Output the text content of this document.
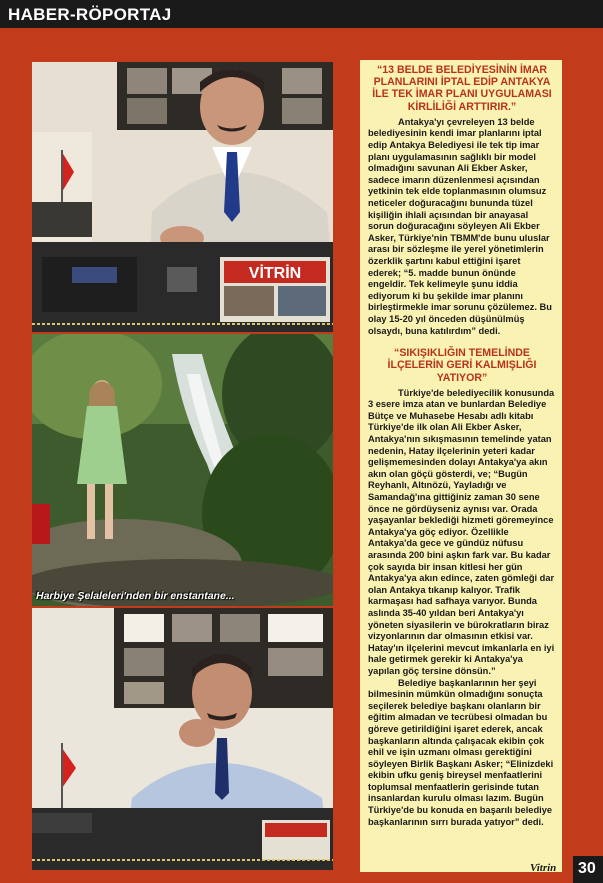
HABER-RÖPORTAJ
VİTRİN
Harbiye Şelaleleri'nden bir enstantane...

“13 BELDE BELEDİYESİNİN İMAR PLANLARINI İPTAL EDİP ANTAKYA İLE TEK İMAR PLANI UYGULAMASI KİRLİLİĞİ ARTTIRIR.”

Antakya'yı çevreleyen 13 belde belediyesinin kendi imar planlarını iptal edip Antakya Belediyesi ile tek tip imar planı uygulamasının sağlıklı bir model olmadığını savunan Ali Ekber Asker, sadece imarın düzenlenmesi açısından yetkinin tek elde toplanmasının olumsuz neticeler doğuracağını bununda tüzel kişiliğin ihlali açısından bir anayasal sorun doğuracağını söyleyen Ali Ekber Asker, Türkiye'nin TBMM'de bunu uluslar arası bir sözleşme ile yerel yönetimlerin özerklik şartını kabul ettiğini işaret ederek; “5. madde bunun önünde engeldir. Tek kelimeyle şunu iddia ediyorum ki bu şekilde imar planını birleştirmekle imar sorunu çözülemez. Bu olay 15-20 yıl önceden düşünülmüş olsaydı, buna katılırdım” dedi.

“SIKIŞIKLIĞIN TEMELİNDE İLÇELERİN GERİ KALMIŞLIĞI YATIYOR”

Türkiye'de belediyecilik konusunda 3 esere imza atan ve bunlardan Belediye Bütçe ve Muhasebe Hesabı adlı kitabı Türkiye'de ilk olan Ali Ekber Asker, Antakya'nın sıkışmasının temelinde yatan nedenin, Hatay ilçelerinin yeteri kadar gelişmemesinden dolayı Antakya'ya akın akın olan göçü gösterdi, ve; “Bugün Reyhanlı, Altınözü, Yayladığı ve Samandağ'ına gittiğiniz zaman 30 sene önce ne gördüyseniz aynısı var. Orada yaşayanlar beklediği hizmeti göremeyince Antakya'ya göç ediyor. Özellikle Antakya'da gece ve gündüz nüfusu arasında 200 bini aşkın fark var. Bu kadar çok sayıda bir insan kitlesi her gün Antakya'ya akın edince, zaten gömleği dar olan Antakya tıkanıp kalıyor. Trafik karmaşası had safhaya varıyor. Bunda aslında 35-40 yıldan beri Antakya'yı yöneten siyasilerin ve bürokratların biraz vizyonlarının dar olmasının etkisi var. Hatay'ın ilçelerini mevcut imkanlarla en iyi hale getirmek gerekir ki Antakya'ya yapılan göç tersine dönsün.”

Belediye başkanlarının her şeyi bilmesinin mümkün olmadığını sonuçta seçilerek belediye başkanı olanların bir eğitim almadan ve tecrübesi olmadan bu göreve getirildiğini işaret ederek, ancak başkanların altında çalışacak ekibin çok ehil ve işin uzmanı olması gerektiğini söyleyen Birlik Başkanı Asker; “Elinizdeki ekibin ufku geniş bireysel menfaatlerini toplumsal menfaatlerin gerisinde tutan insanlardan kurulu olması lazım. Bugün Türkiye'de bu konuda en başarılı belediye başkanlarının sırrı burada yatıyor” dedi.

Vitrin 30
